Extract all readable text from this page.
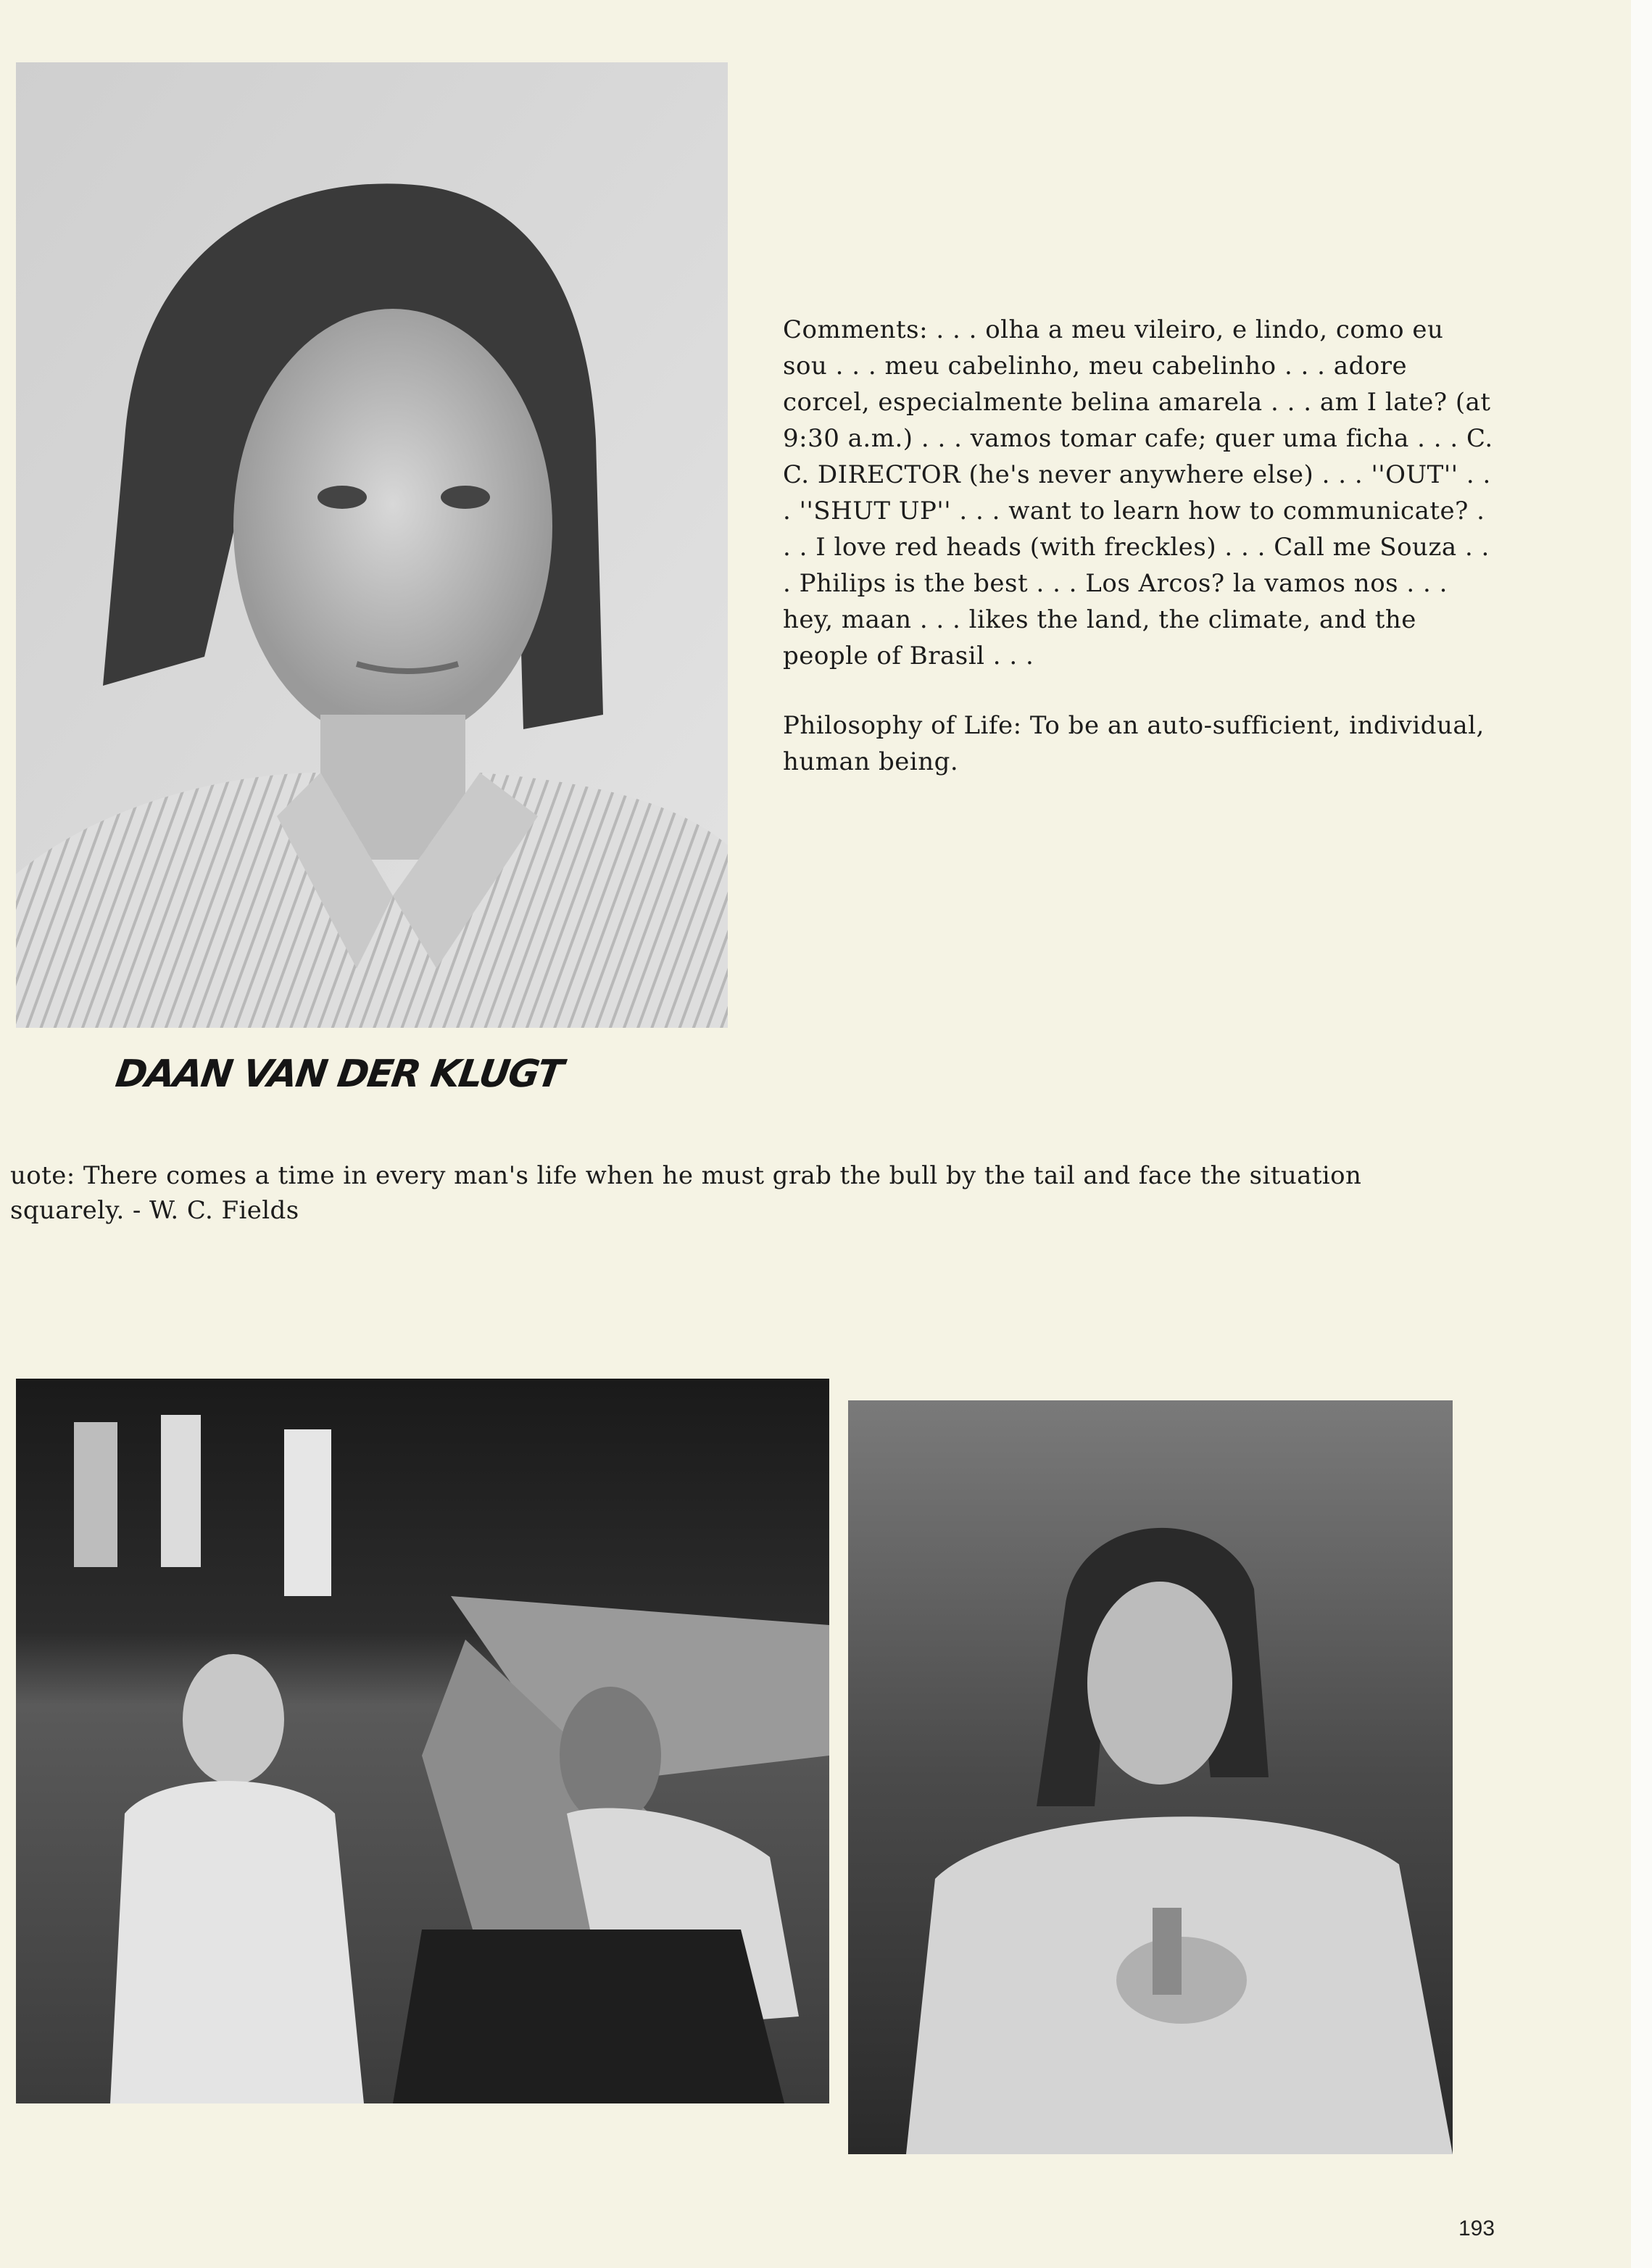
Comments: . . . olha a meu vileiro, e lindo, como eu sou . . . meu cabelinho, meu cabelinho . . . adore corcel, especialmente belina amarela . . . am I late? (at 9:30 a.m.) . . . vamos tomar cafe; quer uma ficha . . . C. C. DIRECTOR (he's never anywhere else) . . . ''OUT'' . . . ''SHUT UP'' . . . want to learn how to communicate? . . . I love red heads (with freckles) . . . Call me Souza . . . Philips is the best . . . Los Arcos? la vamos nos . . . hey, maan . . . likes the land, the climate, and the people of Brasil . . .

Philosophy of Life: To be an auto-sufficient, individual, human being.

DAAN VAN DER KLUGT

uote: There comes a time in every man's life when he must grab the bull by the tail and face the situation

squarely. - W. C. Fields

193
